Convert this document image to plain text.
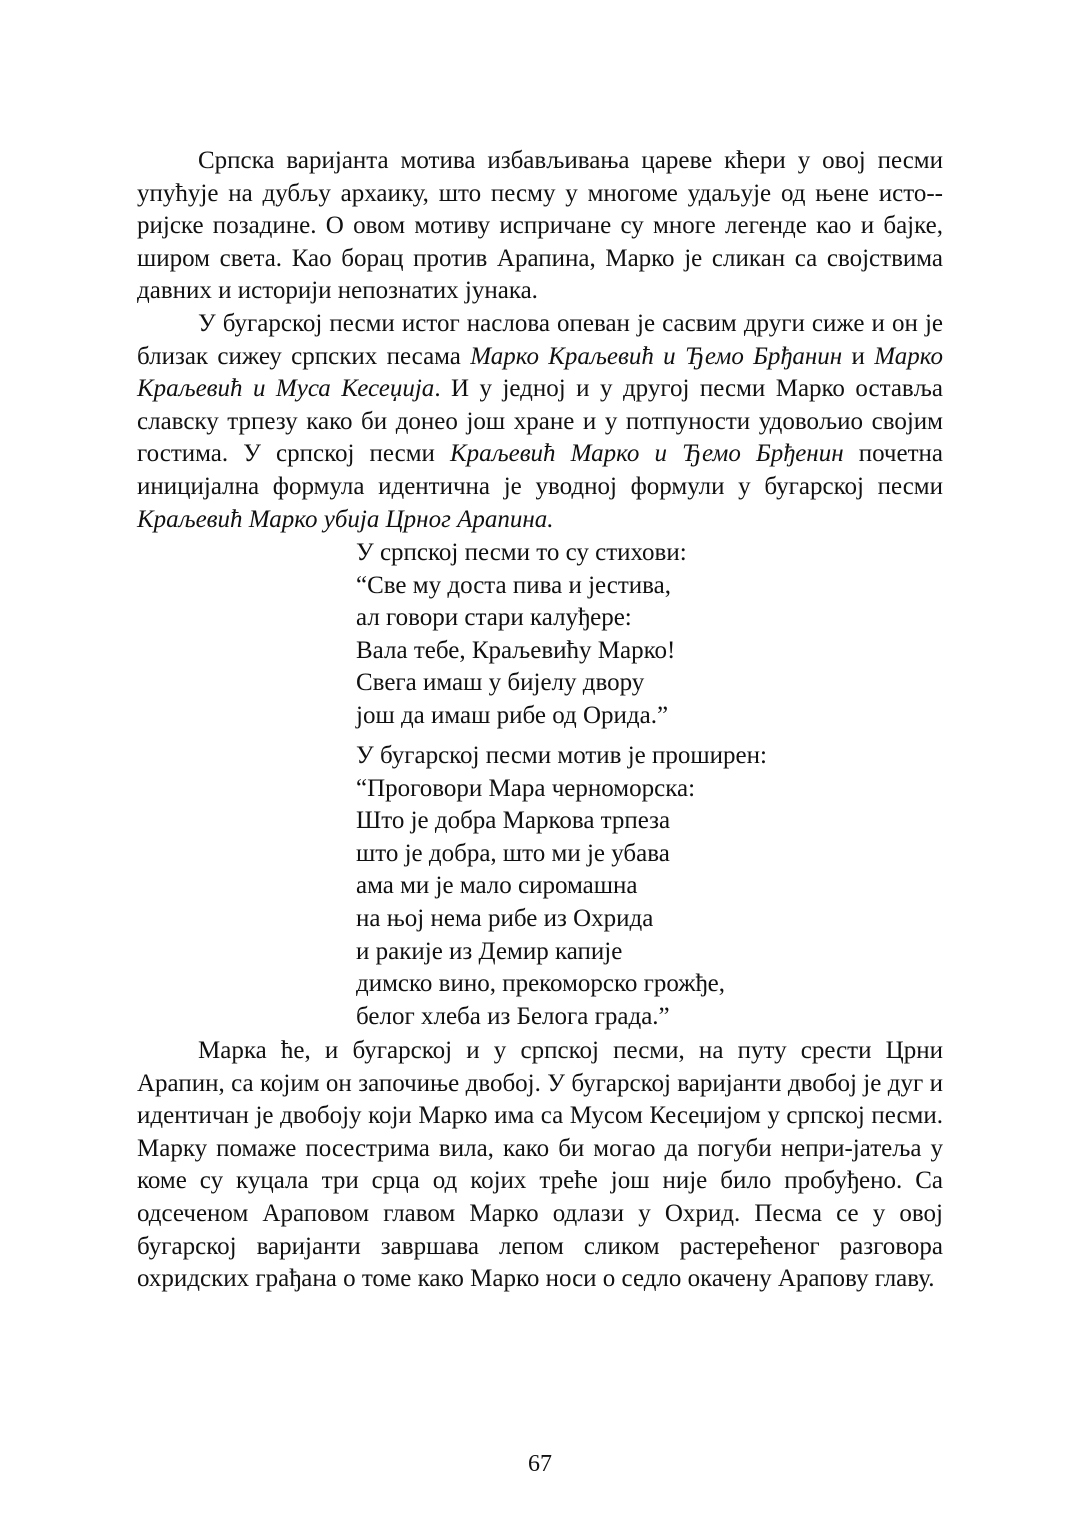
Српска варијанта мотива избављивања цареве кћери у овој песми упућује на дубљу архаику, што песму у многоме удаљује од њене исто-ријске позадине. О овом мотиву испричане су многе легенде као и бајке, широм света. Као борац против Арапина, Марко је сликан са својствима давних и историји непознатих јунака.

У бугарској песми истог наслова опеван је сасвим други сиже и он је близак сижеу српских песама Марко Краљевић и Ђемо Брђанин и Марко Краљевић и Муса Кесеџија. И у једној и у другој песми Марко оставља славску трпезу како би донео још хране и у потпуности удовољио својим гостима. У српској песми Краљевић Марко и Ђемо Брђенин почетна иницијална формула идентична је уводној формули у бугарској песми Краљевић Марко убија Црног Арапина.

У српској песми то су стихови:
“Све му доста пива и јестива,
ал говори стари калуђере:
Вала тебе, Краљевићу Марко!
Свега имаш у бијелу двору
још да имаш рибе од Орида.”
У бугарској песми мотив је проширен:
“Проговори Мара черноморска:
Што је добра Маркова трпеза
што је добра, што ми је убава
ама ми је мало сиромашна
на њој нема рибе из Охрида
и ракије из Демир капије
димско вино, прекоморско грожђе,
белог хлеба из Белога града.”

Марка ће, и бугарској и у српској песми, на путу срести Црни Арапин, са којим он започиње двобој. У бугарској варијанти двобој је дуг и идентичан је двобоју који Марко има са Мусом Кесеџијом у српској песми. Марку помаже посестрима вила, како би могао да погуби непри-јатеља у коме су куцала три срца од којих треће још није било пробуђено. Са одсеченом Араповом главом Марко одлази у Охрид. Песма се у овој бугарској варијанти завршава лепом сликом растерећеног разговора охридских грађана о томе како Марко носи о седло окачену Арапову главу.

67
